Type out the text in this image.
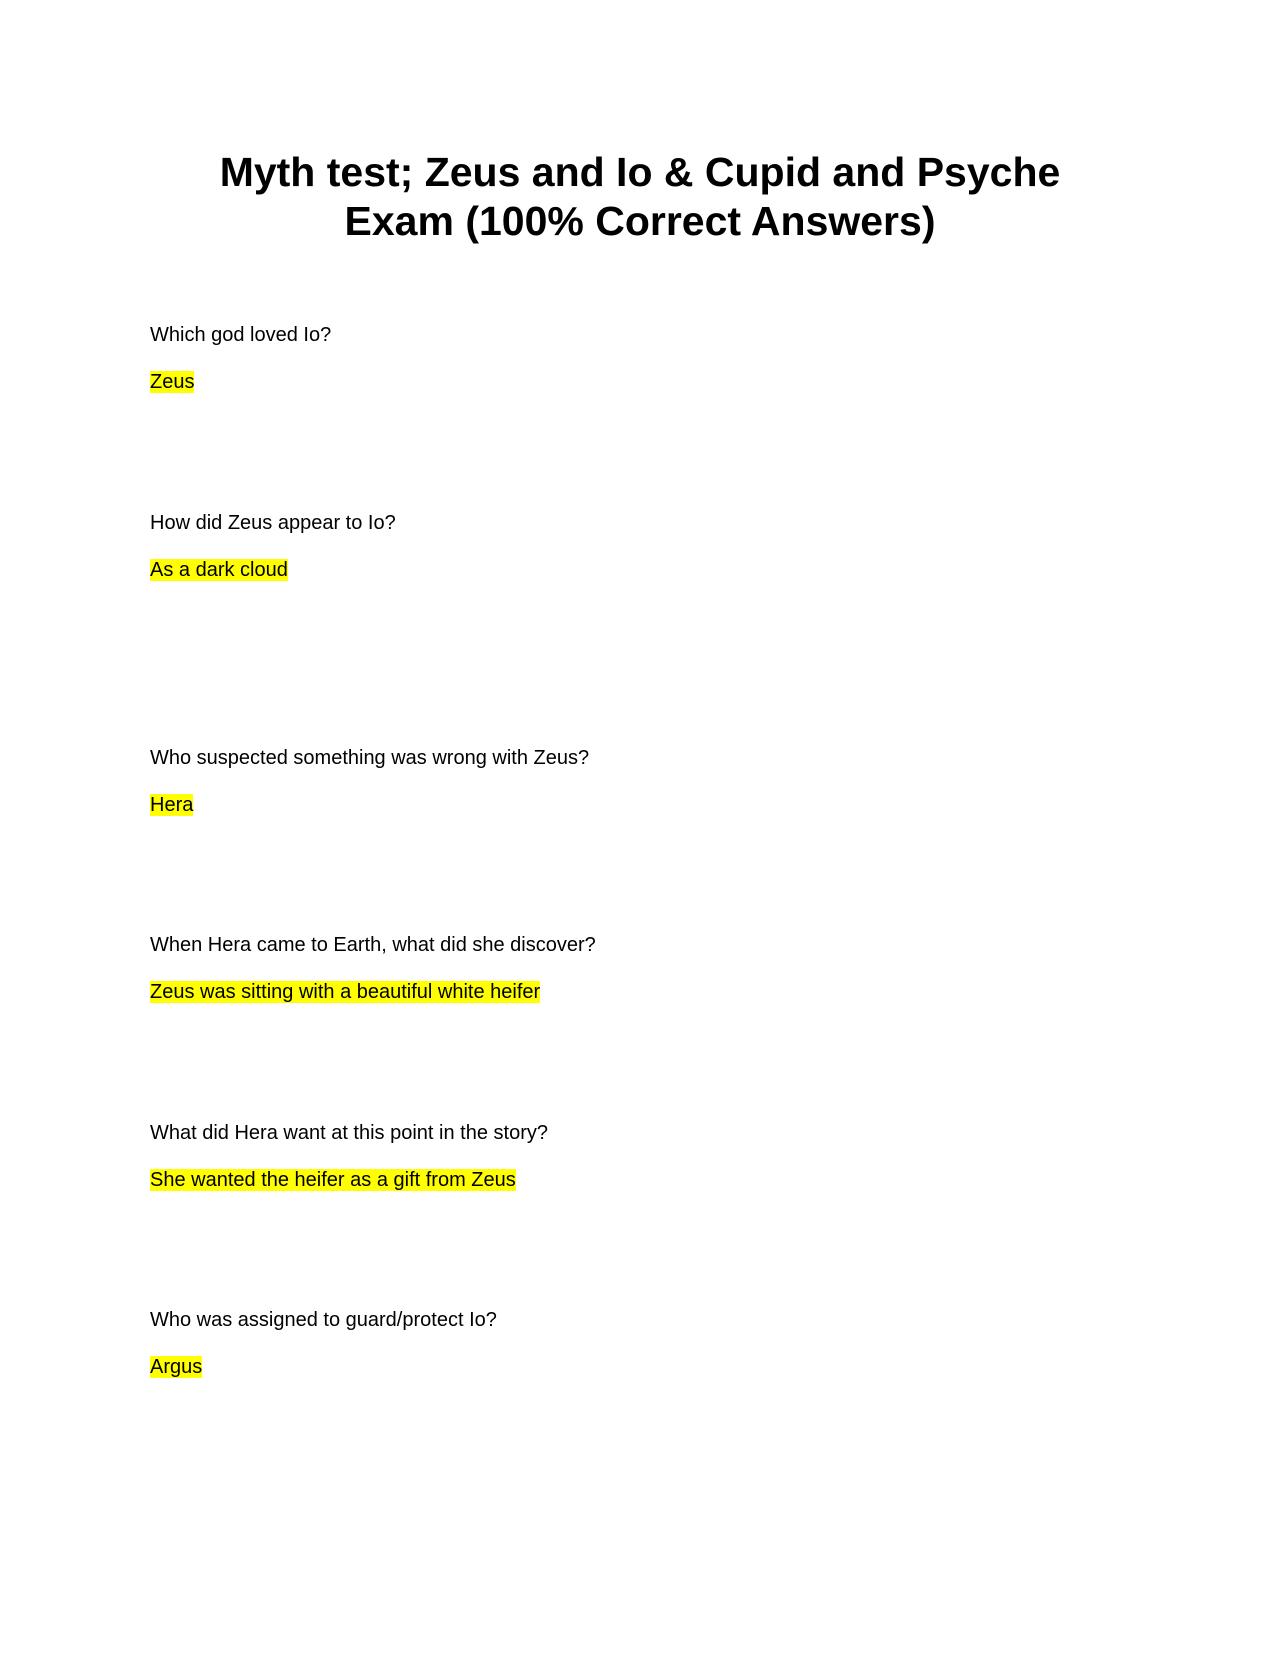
Myth test; Zeus and Io & Cupid and Psyche
Exam (100% Correct Answers)

Which god loved Io?

Zeus

How did Zeus appear to Io?

As a dark cloud

Who suspected something was wrong with Zeus?

Hera

When Hera came to Earth, what did she discover?

Zeus was sitting with a beautiful white heifer

What did Hera want at this point in the story?

She wanted the heifer as a gift from Zeus

Who was assigned to guard/protect Io?

Argus
